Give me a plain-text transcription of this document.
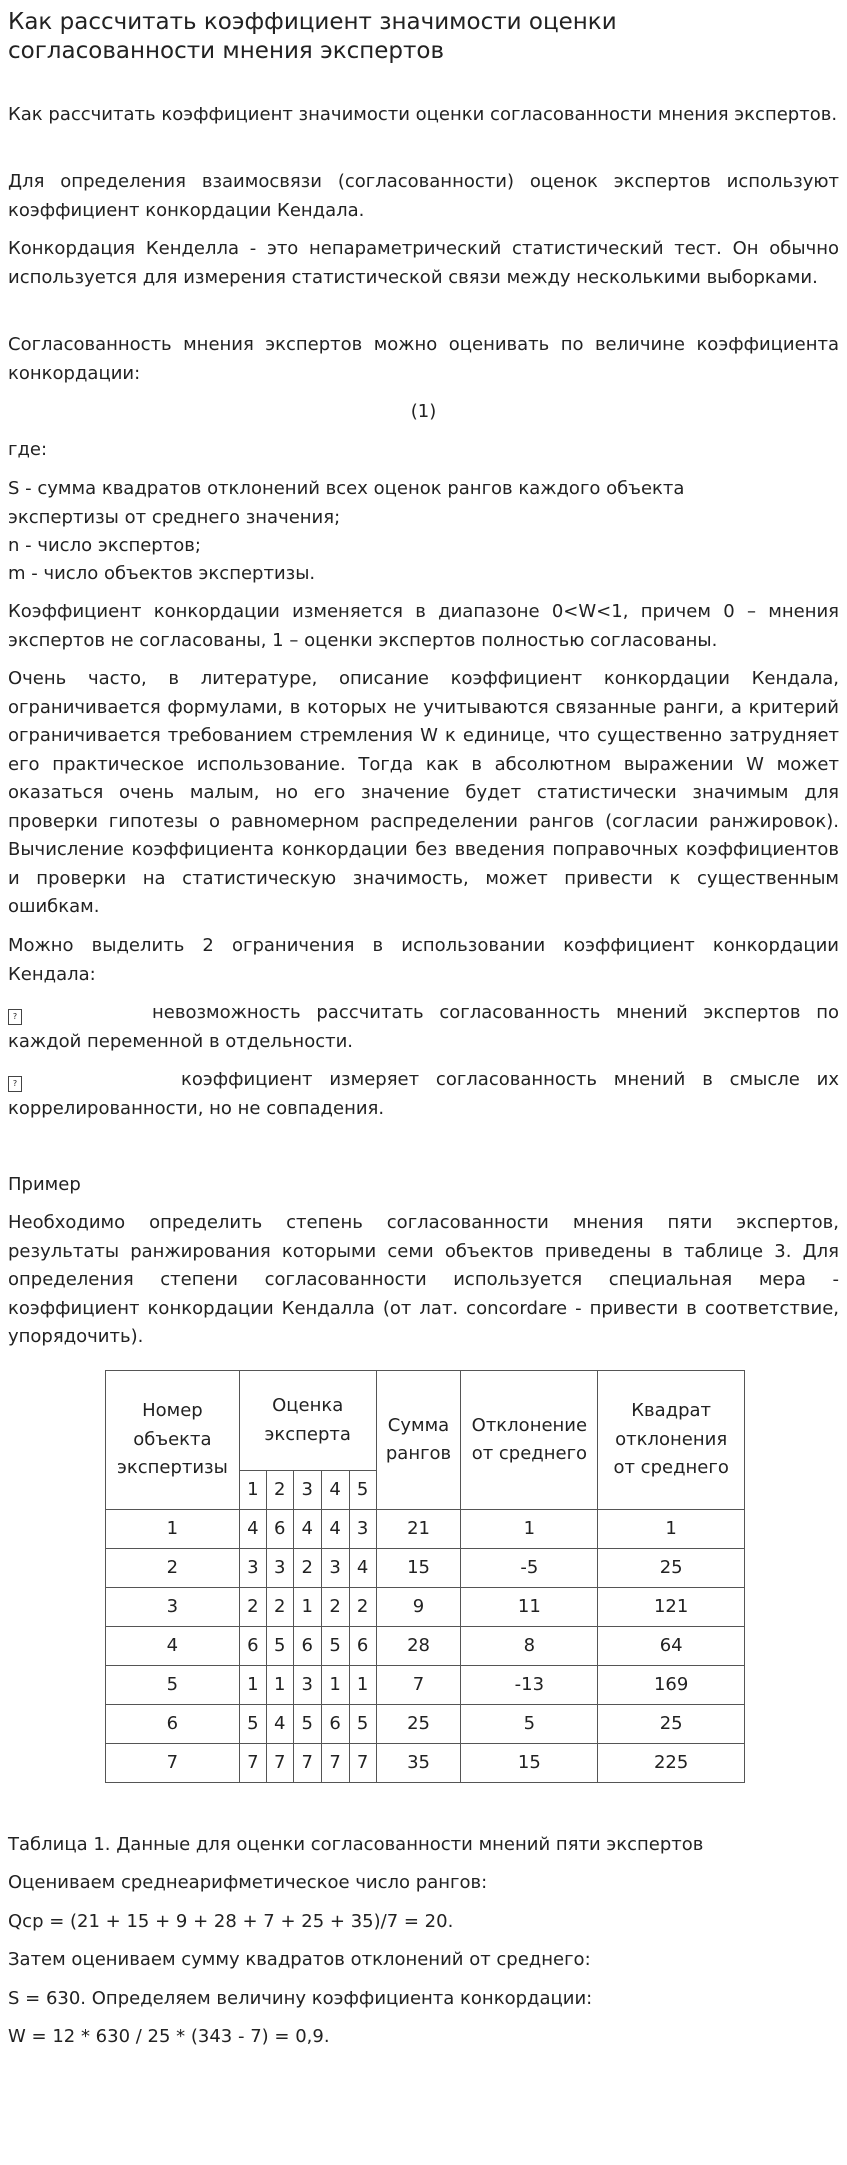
Как рассчитать коэффициент значимости оценки согласованности мнения экспертов

Как рассчитать коэффициент значимости оценки согласованности мнения экспертов.

Для определения взаимосвязи (согласованности) оценок экспертов используют коэффициент конкордации Кендала.

Конкордация Кенделла - это непараметрический статистический тест. Он обычно используется для измерения статистической связи между несколькими выборками.

Согласованность мнения экспертов можно оценивать по величине коэффициента конкордации:

(1)

где:

S - сумма квадратов отклонений всех оценок рангов каждого объекта экспертизы от среднего значения;

n - число экспертов;

m - число объектов экспертизы.

Коэффициент конкордации изменяется в диапазоне 0<W<1, причем 0 – мнения экспертов не согласованы, 1 – оценки экспертов полностью согласованы.

Очень часто, в литературе, описание коэффициент конкордации Кендала, ограничивается формулами, в которых не учитываются связанные ранги, а критерий ограничивается требованием стремления W к единице, что существенно затрудняет его практическое использование. Тогда как в абсолютном выражении W может оказаться очень малым, но его значение будет статистически значимым для проверки гипотезы о равномерном распределении рангов (согласии ранжировок). Вычисление коэффициента конкордации без введения поправочных коэффициентов и проверки на статистическую значимость, может привести к существенным ошибкам.

Можно выделить 2 ограничения в использовании коэффициент конкордации Кендала:

?	невозможность рассчитать согласованность мнений экспертов по каждой переменной в отдельности.

?	коэффициент измеряет согласованность мнений в смысле их коррелированности, но не совпадения.

Пример

Необходимо определить степень согласованности мнения пяти экспертов, результаты ранжирования которыми семи объектов приведены в таблице 3. Для определения степени согласованности используется специальная мера - коэффициент конкордации Кендалла (от лат. concordare - привести в соответствие, упорядочить).

Таблица 1. Данные для оценки согласованности мнений пяти экспертов

Оцениваем среднеарифметическое число рангов:

Qср = (21 + 15 + 9 + 28 + 7 + 25 + 35)/7 = 20.

Затем оцениваем сумму квадратов отклонений от среднего:

S = 630. Определяем величину коэффициента конкордации:

W = 12 * 630 / 25 * (343 - 7) = 0,9.

Номер объекта экспертизы	Оценка эксперта					Сумма рангов	Отклонение от среднего	Квадрат отклонения от среднего
	1	2	3	4	5			
1	4	6	4	4	3	21	1	1
2	3	3	2	3	4	15	-5	25
3	2	2	1	2	2	9	11	121
4	6	5	6	5	6	28	8	64
5	1	1	3	1	1	7	-13	169
6	5	4	5	6	5	25	5	25
7	7	7	7	7	7	35	15	225
